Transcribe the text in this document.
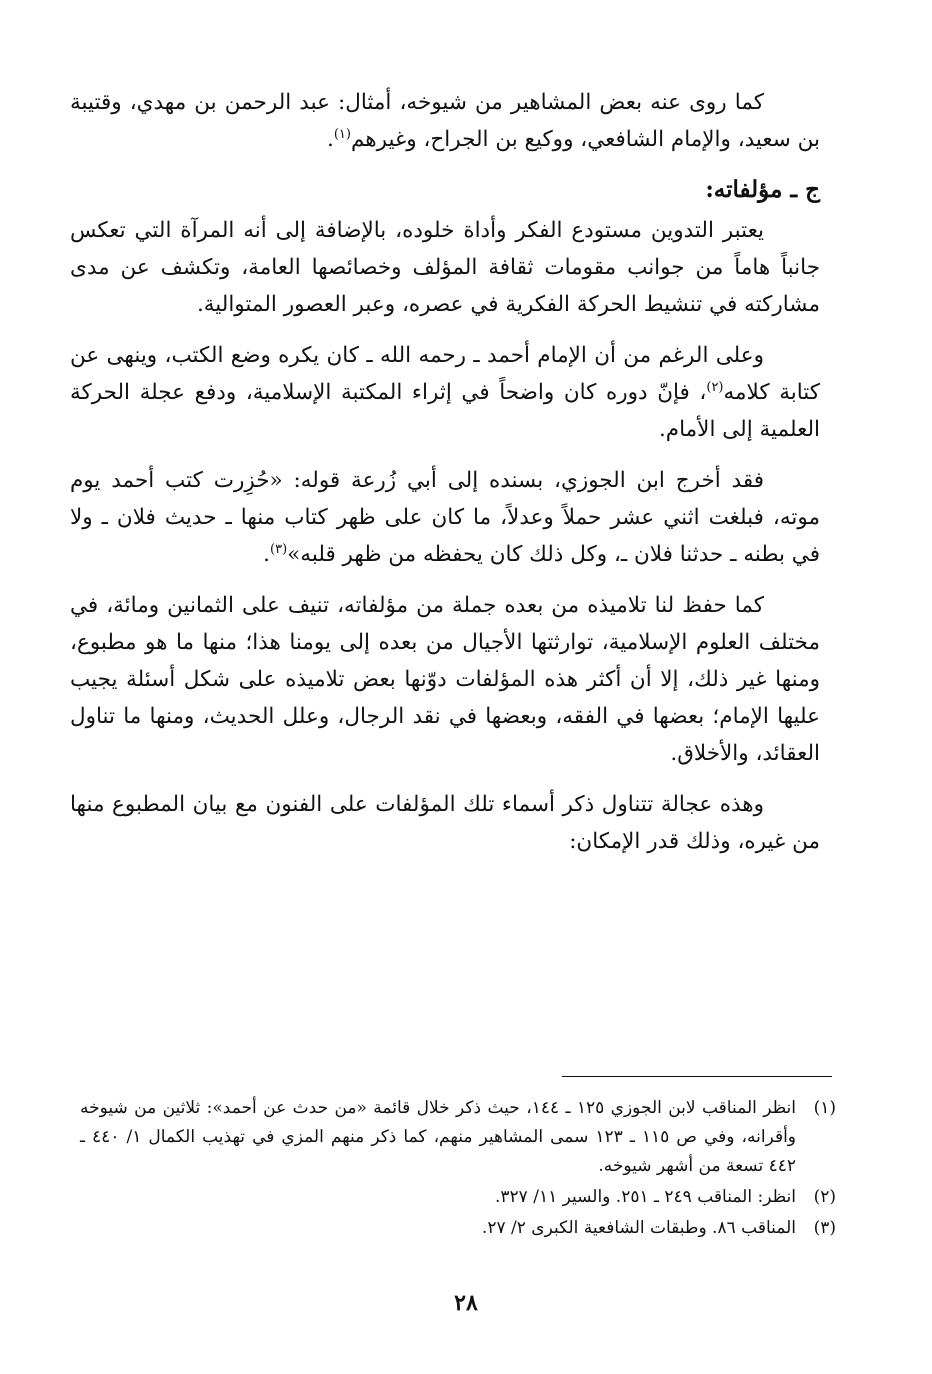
كما روى عنه بعض المشاهير من شيوخه، أمثال: عبد الرحمن بن مهدي، وقتيبة بن سعيد، والإمام الشافعي، ووكيع بن الجراح، وغيرهم$^{(١)}$.

ج ـ مؤلفاته:

يعتبر التدوين مستودع الفكر وأداة خلوده، بالإضافة إلى أنه المرآة التي تعكس جانباً هاماً من جوانب مقومات ثقافة المؤلف وخصائصها العامة، وتكشف عن مدى مشاركته في تنشيط الحركة الفكرية في عصره، وعبر العصور المتوالية.

وعلى الرغم من أن الإمام أحمد ـ رحمه الله ـ كان يكره وضع الكتب، وينهى عن كتابة كلامه$^{(٢)}$، فإنّ دوره كان واضحاً في إثراء المكتبة الإسلامية، ودفع عجلة الحركة العلمية إلى الأمام.

فقد أخرج ابن الجوزي، بسنده إلى أبي زُرعة قوله: «حُزِرت كتب أحمد يوم موته، فبلغت اثني عشر حملاً وعدلاً، ما كان على ظهر كتاب منها ـ حديث فلان ـ ولا في بطنه ـ حدثنا فلان ـ، وكل ذلك كان يحفظه من ظهر قلبه»$^{(٣)}$.

كما حفظ لنا تلاميذه من بعده جملة من مؤلفاته، تنيف على الثمانين ومائة، في مختلف العلوم الإسلامية، توارثتها الأجيال من بعده إلى يومنا هذا؛ منها ما هو مطبوع، ومنها غير ذلك، إلا أن أكثر هذه المؤلفات دوّنها بعض تلاميذه على شكل أسئلة يجيب عليها الإمام؛ بعضها في الفقه، وبعضها في نقد الرجال، وعلل الحديث، ومنها ما تناول العقائد، والأخلاق.

وهذه عجالة تتناول ذكر أسماء تلك المؤلفات على الفنون مع بيان المطبوع منها من غيره، وذلك قدر الإمكان:

(١)
انظر المناقب لابن الجوزي ١٢٥ ـ ١٤٤، حيث ذكر خلال قائمة «من حدث عن أحمد»: ثلاثين من شيوخه وأقرانه، وفي ص ١١٥ ـ ١٢٣ سمى المشاهير منهم، كما ذكر منهم المزي في تهذيب الكمال ١/ ٤٤٠ ـ ٤٤٢ تسعة من أشهر شيوخه.
(٢)
انظر: المناقب ٢٤٩ ـ ٢٥١. والسير ١١/ ٣٢٧.
(٣)
المناقب ٨٦. وطبقات الشافعية الكبرى ٢/ ٢٧.
٢٨
